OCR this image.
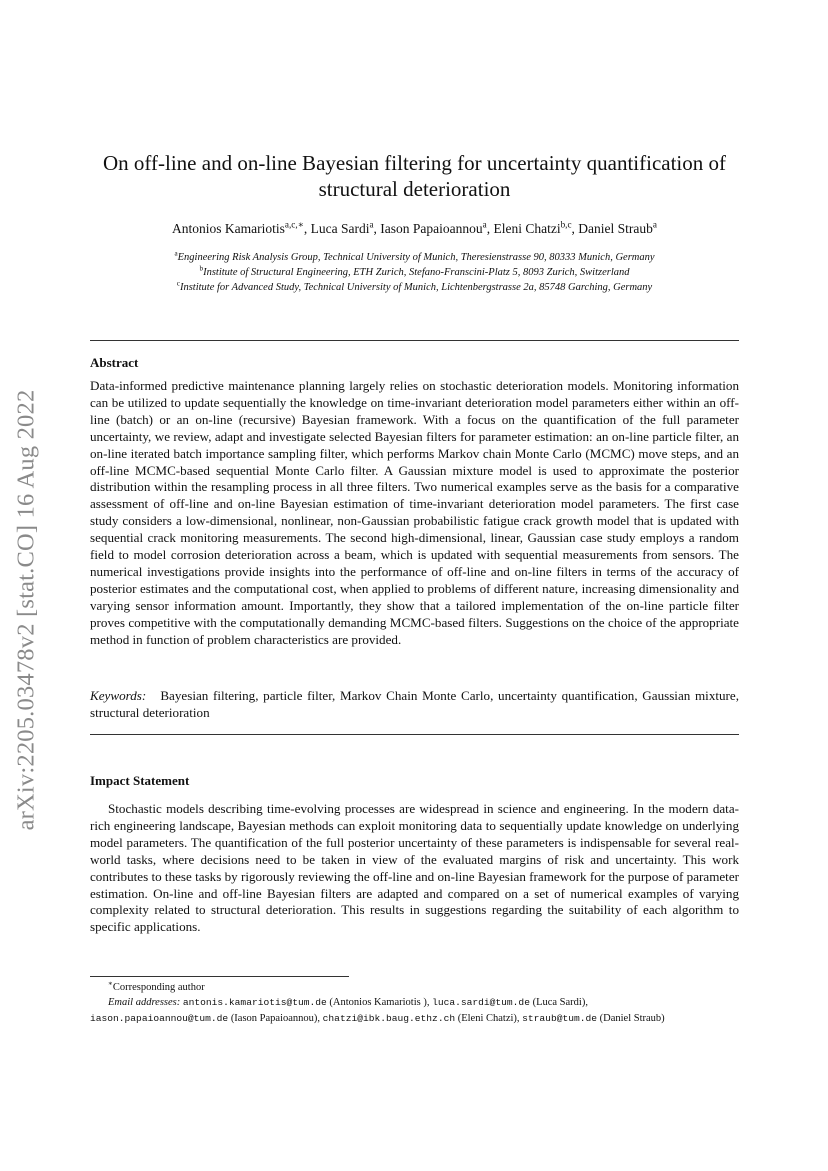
arXiv:2205.03478v2 [stat.CO] 16 Aug 2022
On off-line and on-line Bayesian filtering for uncertainty quantification of structural deterioration
Antonios Kamariotis$^{a,c,∗}$, Luca Sardi$^a$, Iason Papaioannou$^a$, Eleni Chatzi$^{b,c}$, Daniel Straub$^a$
$^a$Engineering Risk Analysis Group, Technical University of Munich, Theresienstrasse 90, 80333 Munich, Germany
$^b$Institute of Structural Engineering, ETH Zurich, Stefano-Franscini-Platz 5, 8093 Zurich, Switzerland
$^c$Institute for Advanced Study, Technical University of Munich, Lichtenbergstrasse 2a, 85748 Garching, Germany
Abstract

Data-informed predictive maintenance planning largely relies on stochastic deterioration models. Monitoring information can be utilized to update sequentially the knowledge on time-invariant deterioration model parameters either within an off-line (batch) or an on-line (recursive) Bayesian framework. With a focus on the quantification of the full parameter uncertainty, we review, adapt and investigate selected Bayesian filters for parameter estimation: an on-line particle filter, an on-line iterated batch importance sampling filter, which performs Markov chain Monte Carlo (MCMC) move steps, and an off-line MCMC-based sequential Monte Carlo filter. A Gaussian mixture model is used to approximate the posterior distribution within the resampling process in all three filters. Two numerical examples serve as the basis for a comparative assessment of off-line and on-line Bayesian estimation of time-invariant deterioration model parameters. The first case study considers a low-dimensional, nonlinear, non-Gaussian probabilistic fatigue crack growth model that is updated with sequential crack monitoring measurements. The second high-dimensional, linear, Gaussian case study employs a random field to model corrosion deterioration across a beam, which is updated with sequential measurements from sensors. The numerical investigations provide insights into the performance of off-line and on-line filters in terms of the accuracy of posterior estimates and the computational cost, when applied to problems of different nature, increasing dimensionality and varying sensor information amount. Importantly, they show that a tailored implementation of the on-line particle filter proves competitive with the computationally demanding MCMC-based filters. Suggestions on the choice of the appropriate method in function of problem characteristics are provided.

Keywords: Bayesian filtering, particle filter, Markov Chain Monte Carlo, uncertainty quantification, Gaussian mixture, structural deterioration

Impact Statement

Stochastic models describing time-evolving processes are widespread in science and engineering. In the modern data-rich engineering landscape, Bayesian methods can exploit monitoring data to sequentially update knowledge on underlying model parameters. The quantification of the full posterior uncertainty of these parameters is indispensable for several real-world tasks, where decisions need to be taken in view of the evaluated margins of risk and uncertainty. This work contributes to these tasks by rigorously reviewing the off-line and on-line Bayesian framework for the purpose of parameter estimation. On-line and off-line Bayesian filters are adapted and compared on a set of numerical examples of varying complexity related to structural deterioration. This results in suggestions regarding the suitability of each algorithm to specific applications.

∗Corresponding author
Email addresses: antonis.kamariotis@tum.de (Antonios Kamariotis ), luca.sardi@tum.de (Luca Sardi),
iason.papaioannou@tum.de (Iason Papaioannou), chatzi@ibk.baug.ethz.ch (Eleni Chatzi), straub@tum.de (Daniel Straub)
